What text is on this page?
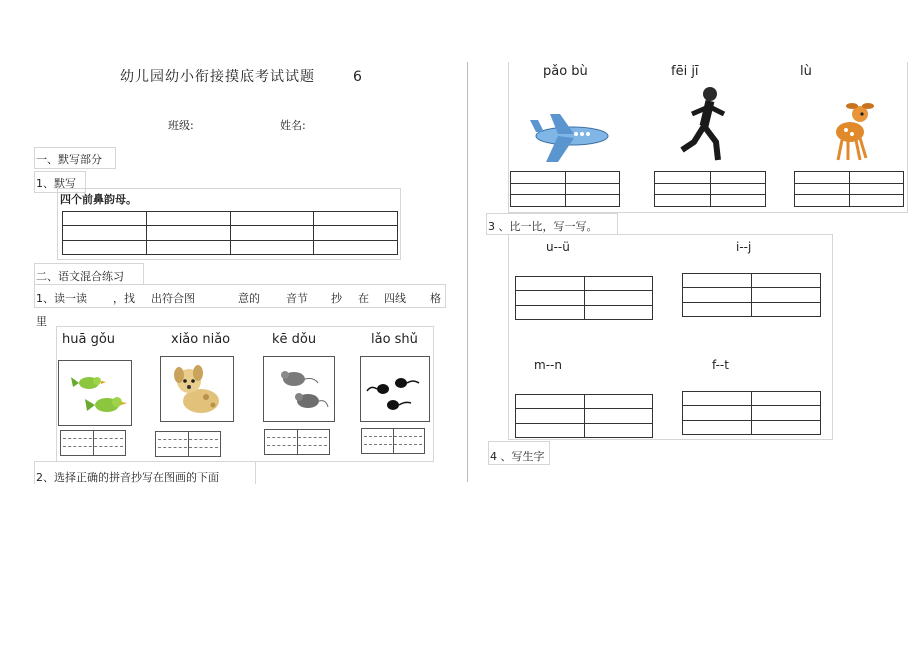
幼儿园幼小衔接摸底考试试题	6
班级:	姓名:
一、默写部分
1、默写
四个前鼻韵母。

二、语文混合练习
1、读一读 ，找 出符合图	意的 音节 抄 在 四线 格
里
huā gǒu	xiǎo niǎo	kē dǒu	lǎo shǔ
2、选择正确的拼音抄写在图画的下面
pǎo bù	fēi jī	lù

3 、比一比，写一写。
u--ü	i--j
m--n	f--t

4 、写生字
